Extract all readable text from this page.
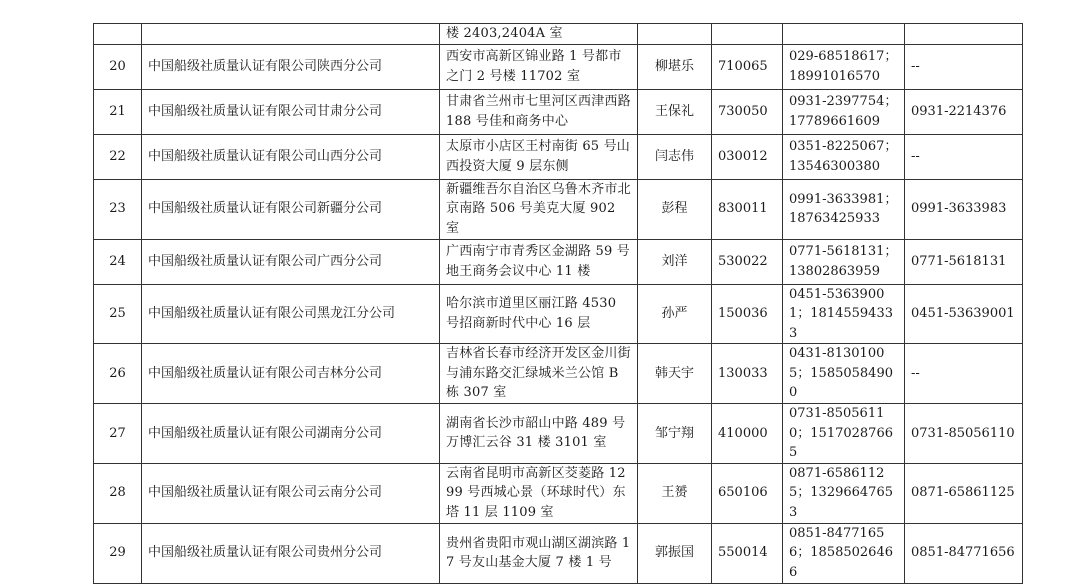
		楼 2403,2404A 室				
20	中国船级社质量认证有限公司陕西分公司	西安市高新区锦业路 1 号都市之门 2 号楼 11702 室	柳堪乐	710065	029-68518617；18991016570	--
21	中国船级社质量认证有限公司甘肃分公司	甘肃省兰州市七里河区西津西路 188 号佳和商务中心	王保礼	730050	0931-2397754；17789661609	0931-2214376
22	中国船级社质量认证有限公司山西分公司	太原市小店区王村南街 65 号山西投资大厦 9 层东侧	闫志伟	030012	0351-8225067；13546300380	--
23	中国船级社质量认证有限公司新疆分公司	新疆维吾尔自治区乌鲁木齐市北京南路 506 号美克大厦 902 室	彭程	830011	0991-3633981；18763425933	0991-3633983
24	中国船级社质量认证有限公司广西分公司	广西南宁市青秀区金湖路 59 号地王商务会议中心 11 楼	刘洋	530022	0771-5618131；13802863959	0771-5618131
25	中国船级社质量认证有限公司黑龙江分公司	哈尔滨市道里区丽江路 4530 号招商新时代中心 16 层	孙严	150036	0451-53639001；18145594333	0451-53639001
26	中国船级社质量认证有限公司吉林分公司	吉林省长春市经济开发区金川街与浦东路交汇绿城米兰公馆 B 栋 307 室	韩天宇	130033	0431-81301005；15850584900	--
27	中国船级社质量认证有限公司湖南分公司	湖南省长沙市韶山中路 489 号万博汇云谷 31 楼 3101 室	邹宁翔	410000	0731-85056110；15170287665	0731-85056110
28	中国船级社质量认证有限公司云南分公司	云南省昆明市高新区茭菱路 1299 号西城心景（环球时代）东塔 11 层 1109 室	王赟	650106	0871-65861125；13296647653	0871-65861125
29	中国船级社质量认证有限公司贵州分公司	贵州省贵阳市观山湖区湖滨路 17 号友山基金大厦 7 楼 1 号	郭振国	550014	0851-84771656；18585026466	0851-84771656
